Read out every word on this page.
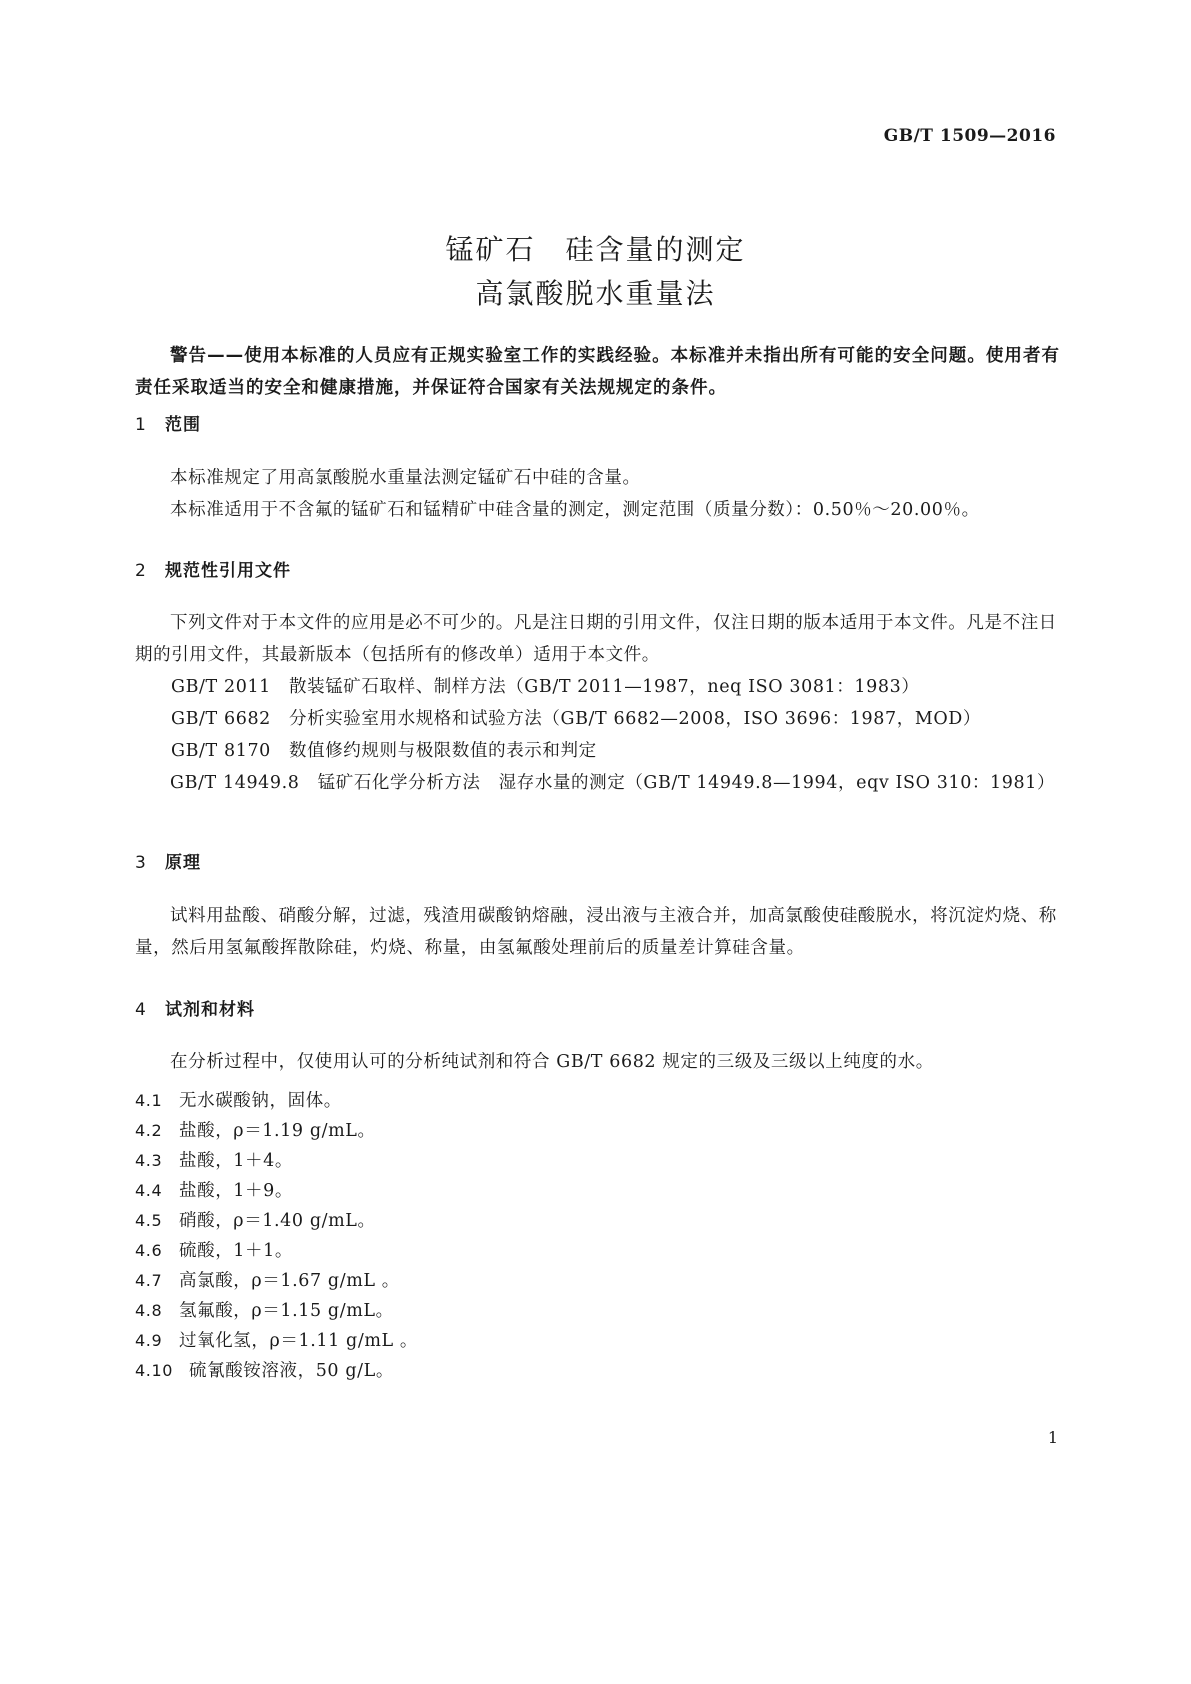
GB/T 1509—2016
锰矿石　硅含量的测定
高氯酸脱水重量法
警告——使用本标准的人员应有正规实验室工作的实践经验。本标准并未指出所有可能的安全问题。使用者有责任采取适当的安全和健康措施，并保证符合国家有关法规规定的条件。
1 范围
本标准规定了用高氯酸脱水重量法测定锰矿石中硅的含量。
本标准适用于不含氟的锰矿石和锰精矿中硅含量的测定，测定范围（质量分数）：0.50％～20.00％。
2 规范性引用文件
下列文件对于本文件的应用是必不可少的。凡是注日期的引用文件，仅注日期的版本适用于本文件。凡是不注日期的引用文件，其最新版本（包括所有的修改单）适用于本文件。
GB/T 2011　散装锰矿石取样、制样方法（GB/T 2011—1987，neq ISO 3081：1983）
GB/T 6682　分析实验室用水规格和试验方法（GB/T 6682—2008，ISO 3696：1987，MOD）
GB/T 8170　数值修约规则与极限数值的表示和判定
GB/T 14949.8　锰矿石化学分析方法　湿存水量的测定（GB/T 14949.8—1994，eqv ISO 310：1981）
3 原理
试料用盐酸、硝酸分解，过滤，残渣用碳酸钠熔融，浸出液与主液合并，加高氯酸使硅酸脱水，将沉淀灼烧、称量，然后用氢氟酸挥散除硅，灼烧、称量，由氢氟酸处理前后的质量差计算硅含量。
4 试剂和材料
在分析过程中，仅使用认可的分析纯试剂和符合 GB/T 6682 规定的三级及三级以上纯度的水。
4.1 无水碳酸钠，固体。
4.2 盐酸，ρ＝1.19 g/mL。
4.3 盐酸，1＋4。
4.4 盐酸，1＋9。
4.5 硝酸，ρ＝1.40 g/mL。
4.6 硫酸，1＋1。
4.7 高氯酸，ρ＝1.67 g/mL 。
4.8 氢氟酸，ρ＝1.15 g/mL。
4.9 过氧化氢，ρ＝1.11 g/mL 。
4.10 硫氰酸铵溶液，50 g/L。
1
